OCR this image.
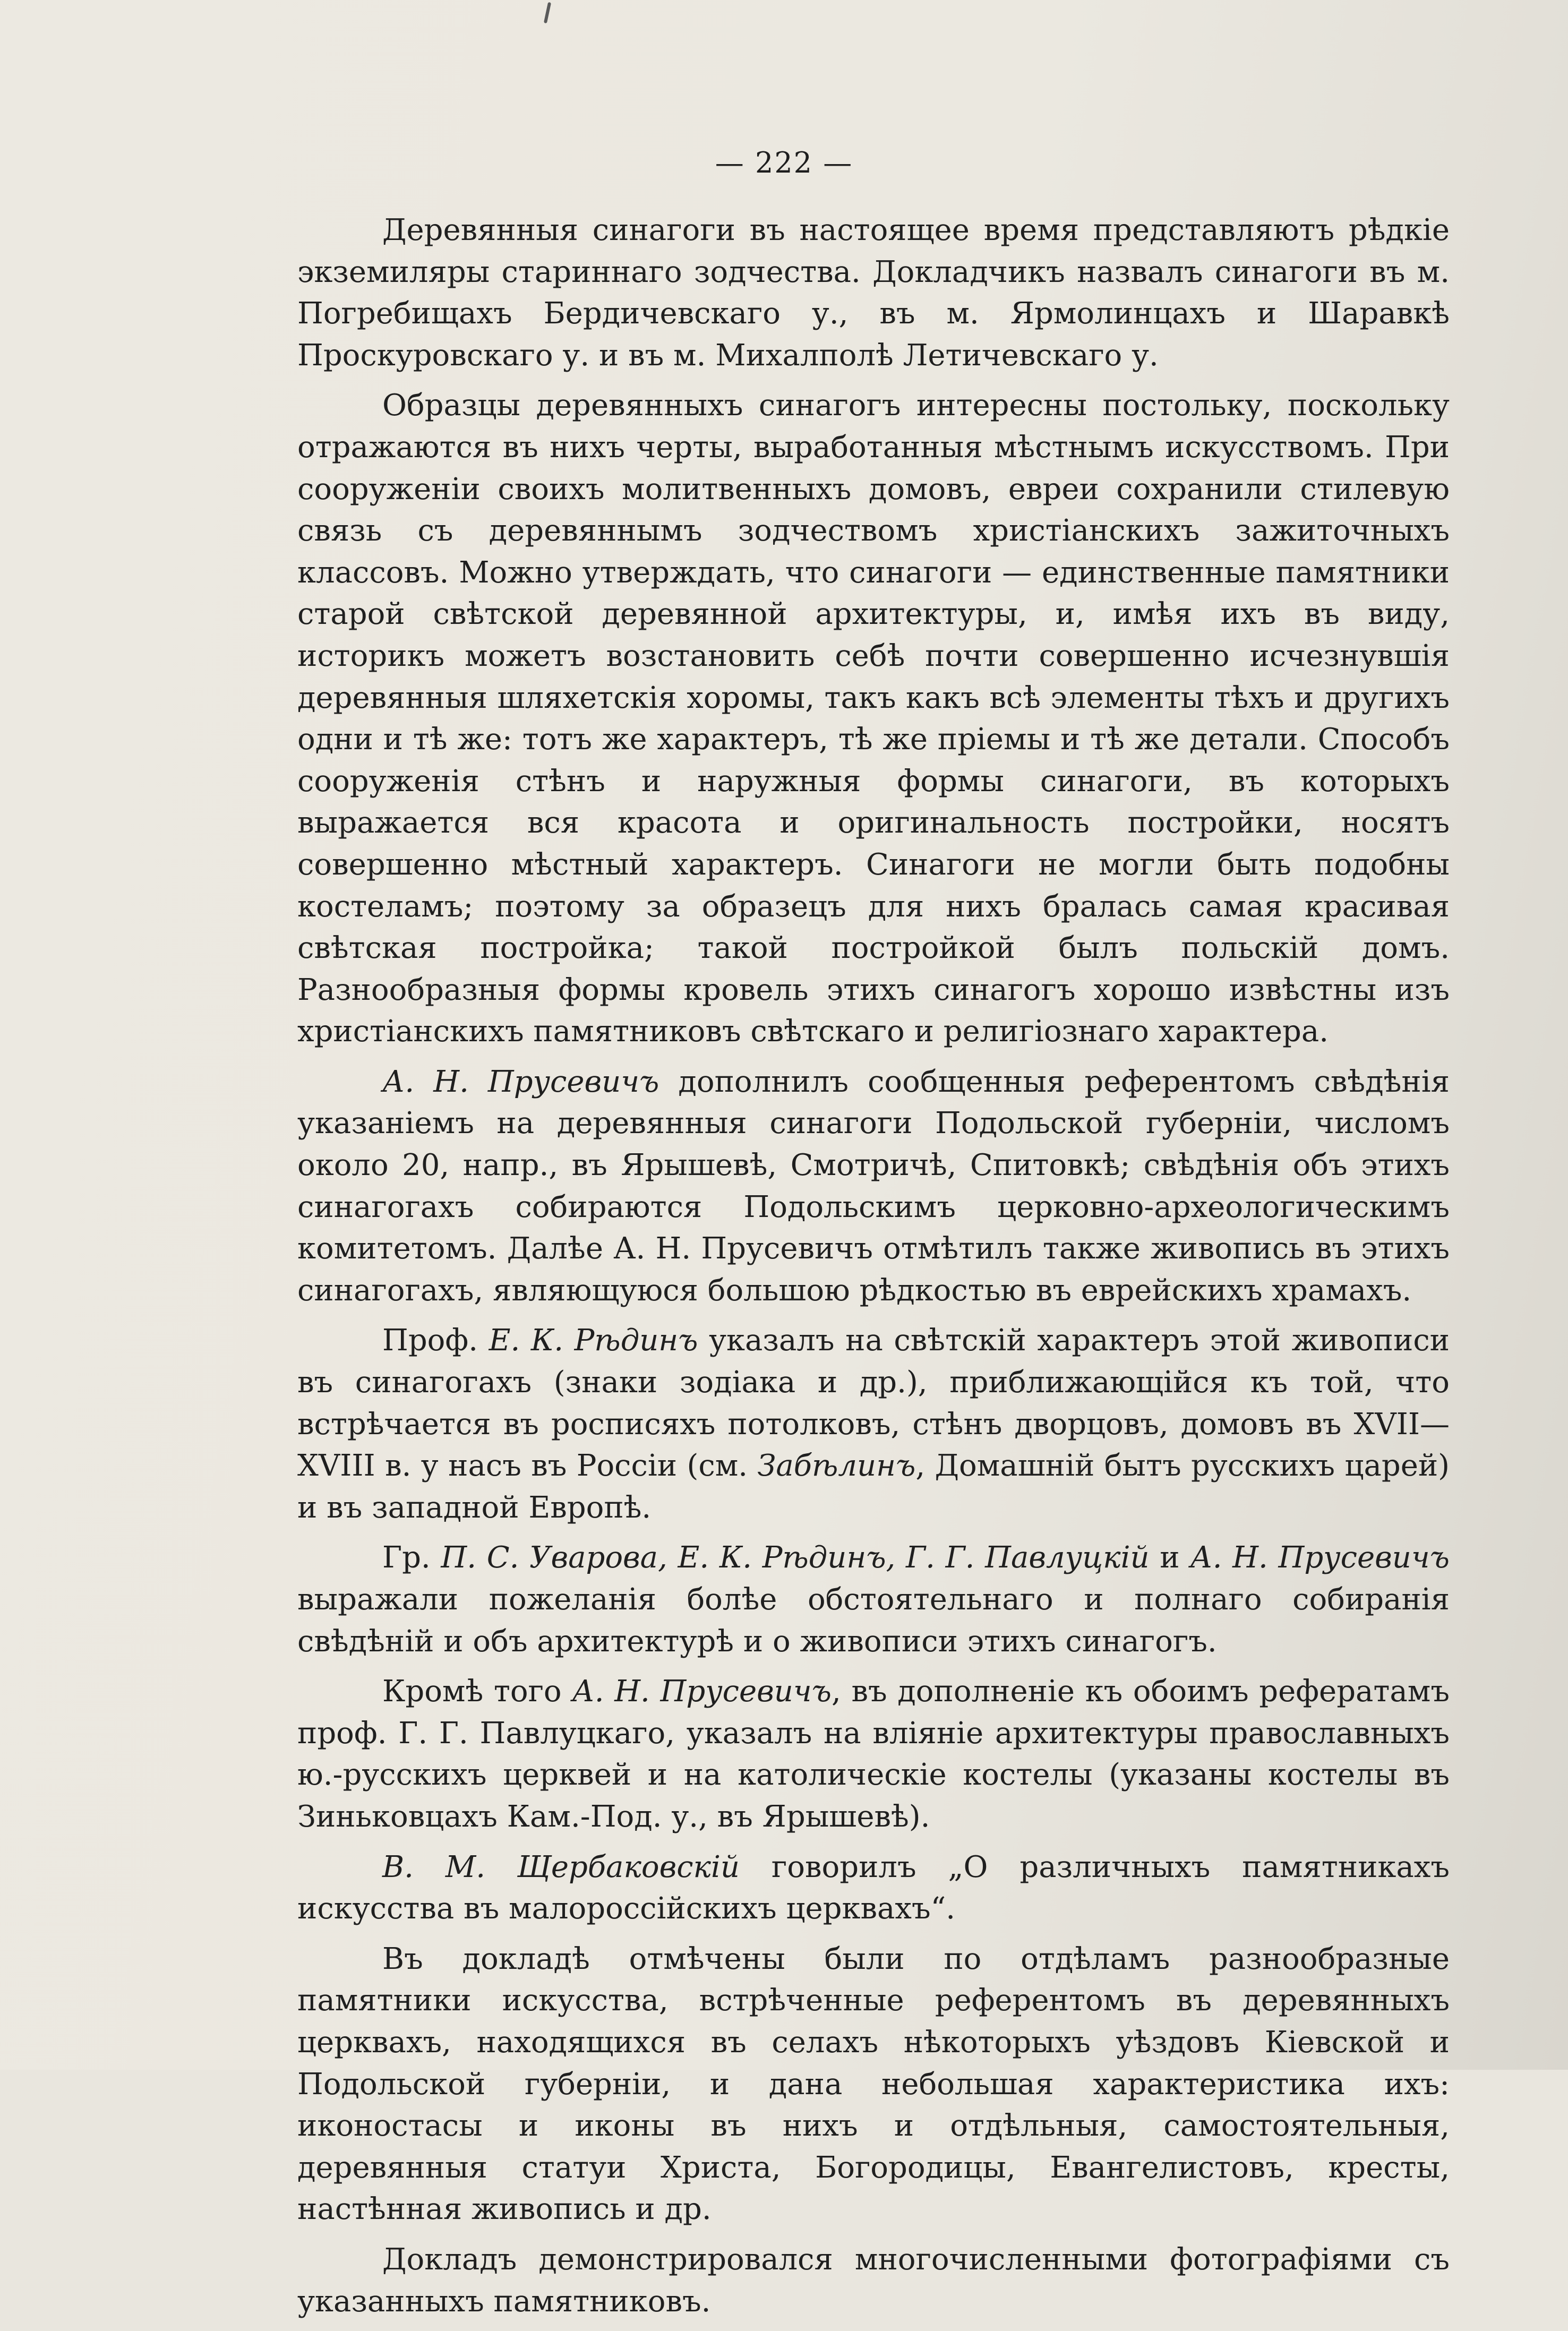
— 222 —

Деревянныя синагоги въ настоящее время представляютъ рѣдкіе экземиляры стариннаго зодчества. Докладчикъ назвалъ синагоги въ м. Погребищахъ Бердичевскаго у., въ м. Ярмолинцахъ и Шаравкѣ Проскуровскаго у. и въ м. Михалполѣ Летичевскаго у.

Образцы деревянныхъ синагогъ интересны постольку, поскольку отражаются въ нихъ черты, выработанныя мѣстнымъ искусствомъ. При сооруженіи своихъ молитвенныхъ домовъ, евреи сохранили стилевую связь съ деревяннымъ зодчествомъ христіанскихъ зажиточныхъ классовъ. Можно утверждать, что синагоги — единственные памятники старой свѣтской деревянной архитектуры, и, имѣя ихъ въ виду, историкъ можетъ возстановить себѣ почти совершенно исчезнувшія деревянныя шляхетскія хоромы, такъ какъ всѣ элементы тѣхъ и другихъ одни и тѣ же: тотъ же характеръ, тѣ же пріемы и тѣ же детали. Способъ сооруженія стѣнъ и наружныя формы синагоги, въ которыхъ выражается вся красота и оригинальность постройки, носятъ совершенно мѣстный характеръ. Синагоги не могли быть подобны костеламъ; поэтому за образецъ для нихъ бралась самая красивая свѣтская постройка; такой постройкой былъ польскій домъ. Разнообразныя формы кровель этихъ синагогъ хорошо извѣстны изъ христіанскихъ памятниковъ свѣтскаго и религіознаго характера.

А. Н. Прусевичъ дополнилъ сообщенныя референтомъ свѣдѣнія указаніемъ на деревянныя синагоги Подольской губерніи, числомъ около 20, напр., въ Ярышевѣ, Смотричѣ, Спитовкѣ; свѣдѣнія объ этихъ синагогахъ собираются Подольскимъ церковно-археологическимъ комитетомъ. Далѣе А. Н. Прусевичъ отмѣтилъ также живопись въ этихъ синагогахъ, являющуюся большою рѣдкостью въ еврейскихъ храмахъ.

Проф. Е. К. Рѣдинъ указалъ на свѣтскій характеръ этой живописи въ синагогахъ (знаки зодіака и др.), приближающійся къ той, что встрѣчается въ росписяхъ потолковъ, стѣнъ дворцовъ, домовъ въ XVII—XVIII в. у насъ въ Россіи (см. Забѣлинъ, Домашній бытъ русскихъ царей) и въ западной Европѣ.

Гр. П. С. Уварова, Е. К. Рѣдинъ, Г. Г. Павлуцкій и А. Н. Прусевичъ выражали пожеланія болѣе обстоятельнаго и полнаго собиранія свѣдѣній и объ архитектурѣ и о живописи этихъ синагогъ.

Кромѣ того А. Н. Прусевичъ, въ дополненіе къ обоимъ рефератамъ проф. Г. Г. Павлуцкаго, указалъ на вліяніе архитектуры православныхъ ю.-русскихъ церквей и на католическіе костелы (указаны костелы въ Зиньковцахъ Кам.-Под. у., въ Ярышевѣ).

В. М. Щербаковскій говорилъ „О различныхъ памятникахъ искусства въ малороссійскихъ церквахъ“.

Въ докладѣ отмѣчены были по отдѣламъ разнообразные памятники искусства, встрѣченные референтомъ въ деревянныхъ церквахъ, находящихся въ селахъ нѣкоторыхъ уѣздовъ Кіевской и Подольской губерніи, и дана небольшая характеристика ихъ: иконостасы и иконы въ нихъ и отдѣльныя, самостоятельныя, деревянныя статуи Христа, Богородицы, Евангелистовъ, кресты, настѣнная живопись и др.

Докладъ демонстрировался многочисленными фотографіями съ указанныхъ памятниковъ.
